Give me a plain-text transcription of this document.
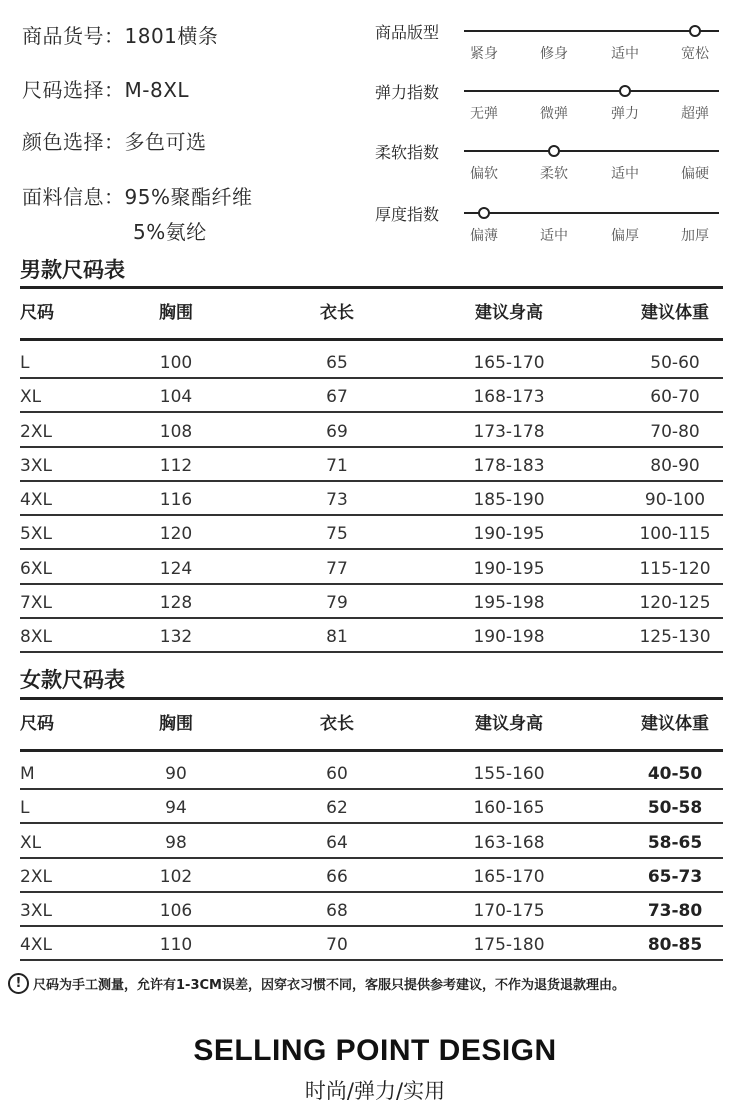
商品货号：1801横条
尺码选择：M-8XL
颜色选择：多色可选
面料信息：95%聚酯纤维
5%氨纶
商品版型
紧身	修身	适中	宽松
弹力指数
无弹	微弹	弹力	超弹
柔软指数
偏软	柔软	适中	偏硬
厚度指数
偏薄	适中	偏厚	加厚
男款尺码表
尺码	胸围	衣长	建议身高	建议体重
L	100	65	165-170	50-60
XL	104	67	168-173	60-70
2XL	108	69	173-178	70-80
3XL	112	71	178-183	80-90
4XL	116	73	185-190	90-100
5XL	120	75	190-195	100-115
6XL	124	77	190-195	115-120
7XL	128	79	195-198	120-125
8XL	132	81	190-198	125-130
女款尺码表
尺码	胸围	衣长	建议身高	建议体重
M	90	60	155-160	40-50
L	94	62	160-165	50-58
XL	98	64	163-168	58-65
2XL	102	66	165-170	65-73
3XL	106	68	170-175	73-80
4XL	110	70	175-180	80-85
! 尺码为手工测量，允许有1-3CM误差，因穿衣习惯不同，客服只提供参考建议，不作为退货退款理由。
SELLING POINT DESIGN
时尚/弹力/实用
